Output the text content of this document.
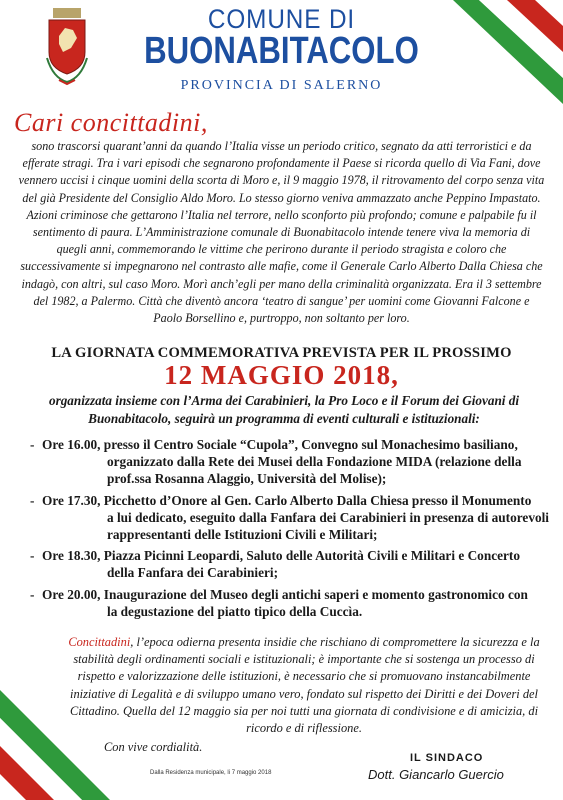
COMUNE DI
BUONABITACOLO
PROVINCIA DI SALERNO
Cari concittadini,
sono trascorsi quarant’anni da quando l’Italia visse un periodo critico, segnato da atti terroristici e da efferate stragi. Tra i vari episodi che segnarono profondamente il Paese si ricorda quello di Via Fani, dove vennero uccisi i cinque uomini della scorta di Moro e, il 9 maggio 1978, il ritrovamento del corpo senza vita del già Presidente del Consiglio Aldo Moro. Lo stesso giorno veniva ammazzato anche Peppino Impastato. Azioni criminose che gettarono l’Italia nel terrore, nello sconforto più profondo; comune e palpabile fu il sentimento di paura. L’Amministrazione comunale di Buonabitacolo intende tenere viva la memoria di quegli anni, commemorando le vittime che perirono durante il periodo stragista e coloro che successivamente si impegnarono nel contrasto alle mafie, come il Generale Carlo Alberto Dalla Chiesa che indagò, con altri, sul caso Moro. Morì anch’egli per mano della criminalità organizzata. Era il 3 settembre del 1982, a Palermo. Città che diventò ancora ‘teatro di sangue’ per uomini come Giovanni Falcone e Paolo Borsellino e, purtroppo, non soltanto per loro.
LA GIORNATA COMMEMORATIVA PREVISTA PER IL PROSSIMO
12 MAGGIO 2018,
organizzata insieme con l’Arma dei Carabinieri, la Pro Loco e il Forum dei Giovani di Buonabitacolo, seguirà un programma di eventi culturali e istituzionali:
- Ore 16.00, presso il Centro Sociale “Cupola”, Convegno sul Monachesimo basiliano,
organizzato dalla Rete dei Musei della Fondazione MIDA (relazione della prof.ssa Rosanna Alaggio, Università del Molise);
- Ore 17.30, Picchetto d’Onore al Gen. Carlo Alberto Dalla Chiesa presso il Monumento
a lui dedicato, eseguito dalla Fanfara dei Carabinieri in presenza di autorevoli rappresentanti delle Istituzioni Civili e Militari;
- Ore 18.30, Piazza Picinni Leopardi, Saluto delle Autorità Civili e Militari e Concerto
della Fanfara dei Carabinieri;
- Ore 20.00, Inaugurazione del Museo degli antichi saperi e momento gastronomico con
la degustazione del piatto tipico della Cuccìa.
Concittadini, l’epoca odierna presenta insidie che rischiano di compromettere la sicurezza e la stabilità degli ordinamenti sociali e istituzionali; è importante che si sostenga un processo di rispetto e valorizzazione delle istituzioni, è necessario che si promuovano instancabilmente iniziative di Legalità e di sviluppo umano vero, fondato sul rispetto dei Diritti e dei Doveri del Cittadino. Quella del 12 maggio sia per noi tutti una giornata di condivisione e di amicizia, di ricordo e di riflessione.
Con vive cordialità.
Dalla Residenza municipale, li 7 maggio 2018
IL SINDACO
Dott. Giancarlo Guercio
